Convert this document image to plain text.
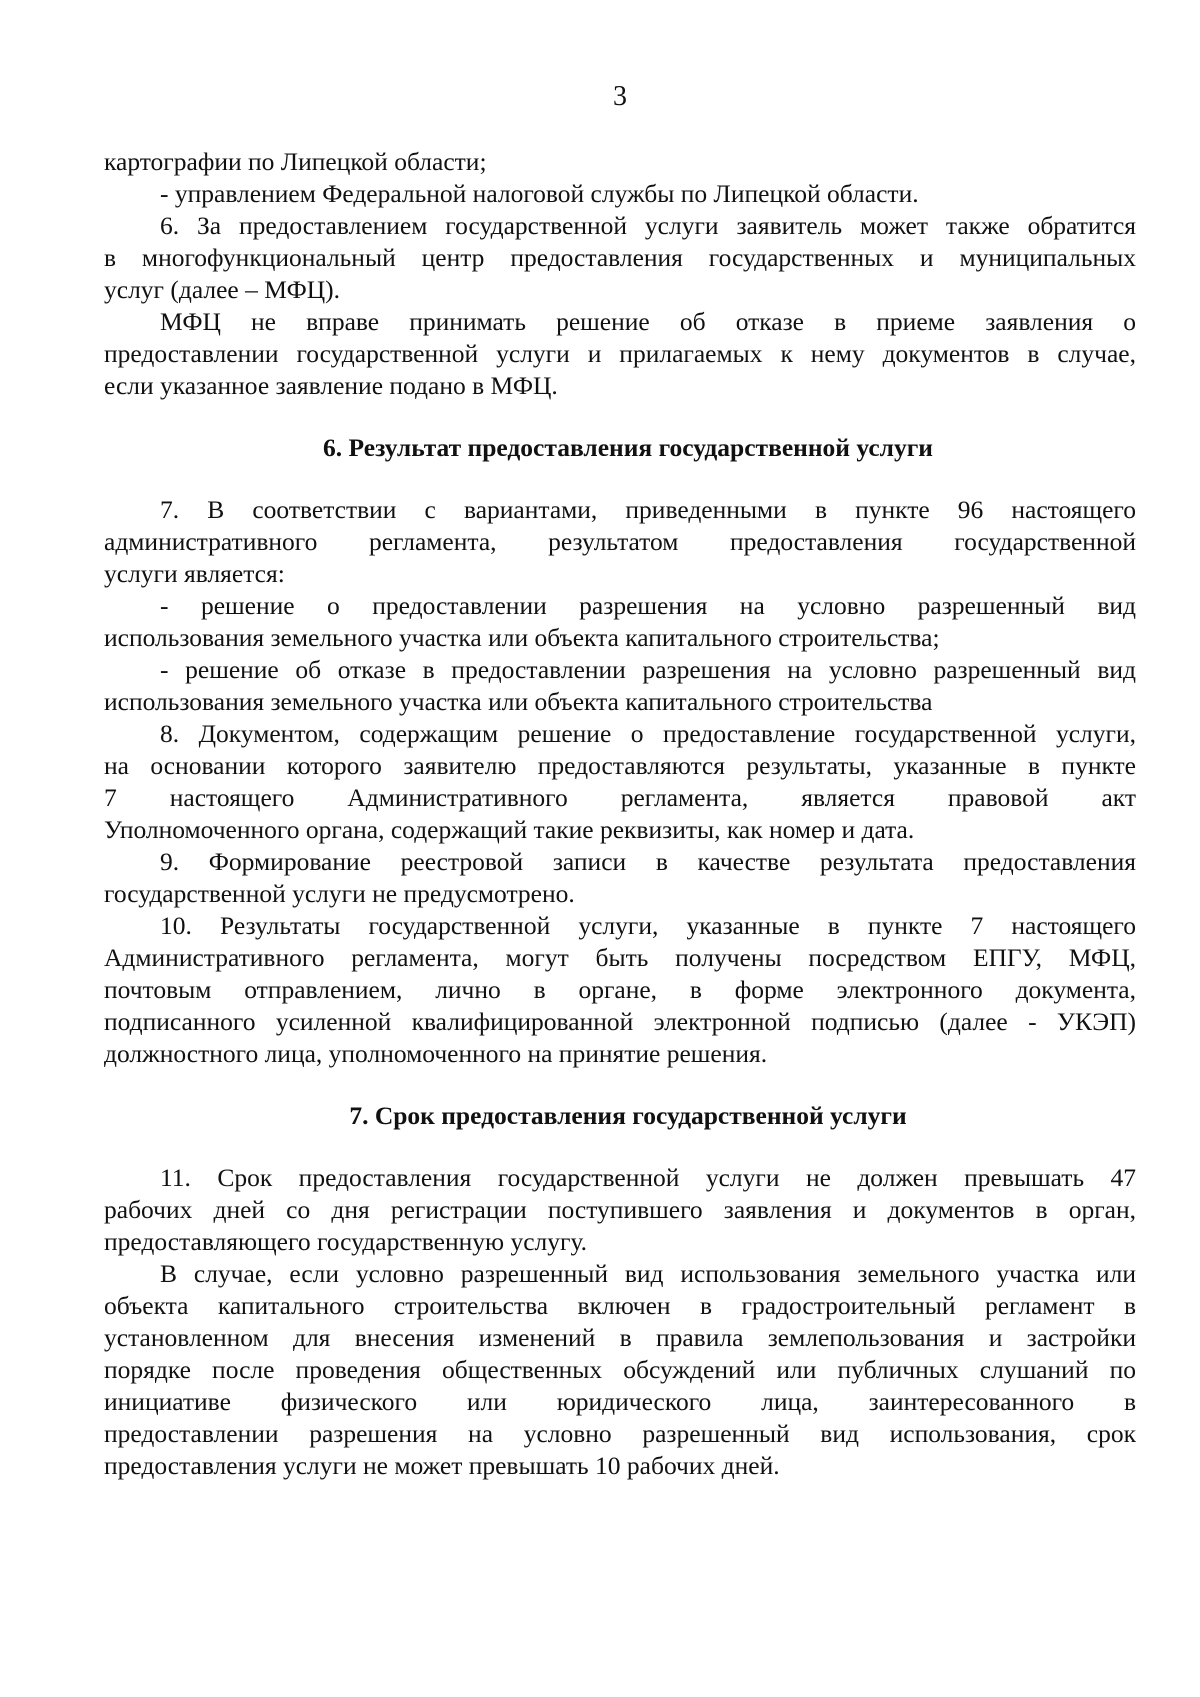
3
картографии по Липецкой области;
- управлением Федеральной налоговой службы по Липецкой области.
6. За предоставлением государственной услуги заявитель может также обратится
в многофункциональный центр предоставления государственных и муниципальных
услуг (далее – МФЦ).
МФЦ не вправе принимать решение об отказе в приеме заявления о
предоставлении государственной услуги и прилагаемых к нему документов в случае,
если указанное заявление подано в МФЦ.
6. Результат предоставления государственной услуги
7. В соответствии с вариантами, приведенными в пункте 96 настоящего
административного регламента, результатом предоставления государственной
услуги является:
- решение о предоставлении разрешения на условно разрешенный вид
использования земельного участка или объекта капитального строительства;
- решение об отказе в предоставлении разрешения на условно разрешенный вид
использования земельного участка или объекта капитального строительства
8. Документом, содержащим решение о предоставление государственной услуги,
на основании которого заявителю предоставляются результаты, указанные в пункте
7 настоящего Административного регламента, является правовой акт
Уполномоченного органа, содержащий такие реквизиты, как номер и дата.
9. Формирование реестровой записи в качестве результата предоставления
государственной услуги не предусмотрено.
10. Результаты государственной услуги, указанные в пункте 7 настоящего
Административного регламента, могут быть получены посредством ЕПГУ, МФЦ,
почтовым отправлением, лично в органе, в форме электронного документа,
подписанного усиленной квалифицированной электронной подписью (далее - УКЭП)
должностного лица, уполномоченного на принятие решения.
7. Срок предоставления государственной услуги
11. Срок предоставления государственной услуги не должен превышать 47
рабочих дней со дня регистрации поступившего заявления и документов в орган,
предоставляющего государственную услугу.
В случае, если условно разрешенный вид использования земельного участка или
объекта капитального строительства включен в градостроительный регламент в
установленном для внесения изменений в правила землепользования и застройки
порядке после проведения общественных обсуждений или публичных слушаний по
инициативе физического или юридического лица, заинтересованного в
предоставлении разрешения на условно разрешенный вид использования, срок
предоставления услуги не может превышать 10 рабочих дней.
